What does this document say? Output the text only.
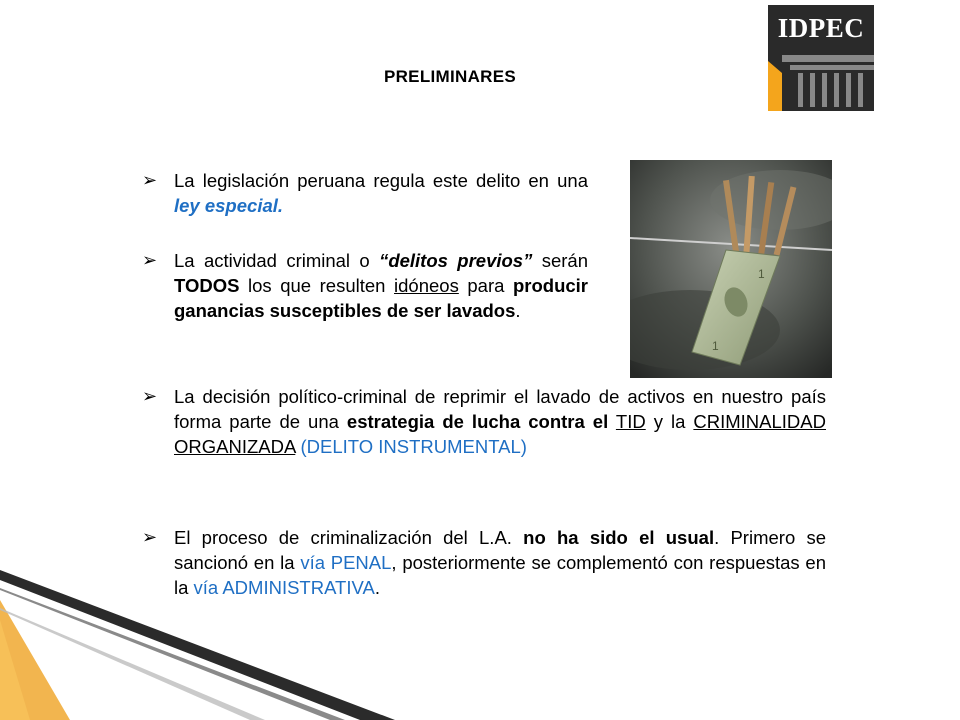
PRELIMINARES
IDPEC
➢ La legislación peruana regula este delito en una ley especial.
➢ La actividad criminal o “delitos previos” serán TODOS los que resulten idóneos para producir ganancias susceptibles de ser lavados.
1
1
➢ La decisión político-criminal de reprimir el lavado de activos en nuestro país forma parte de una estrategia de lucha contra el TID y la CRIMINALIDAD ORGANIZADA (DELITO INSTRUMENTAL)
➢ El proceso de criminalización del L.A. no ha sido el usual. Primero se sancionó en la vía PENAL, posteriormente se complementó con respuestas en la vía ADMINISTRATIVA.
